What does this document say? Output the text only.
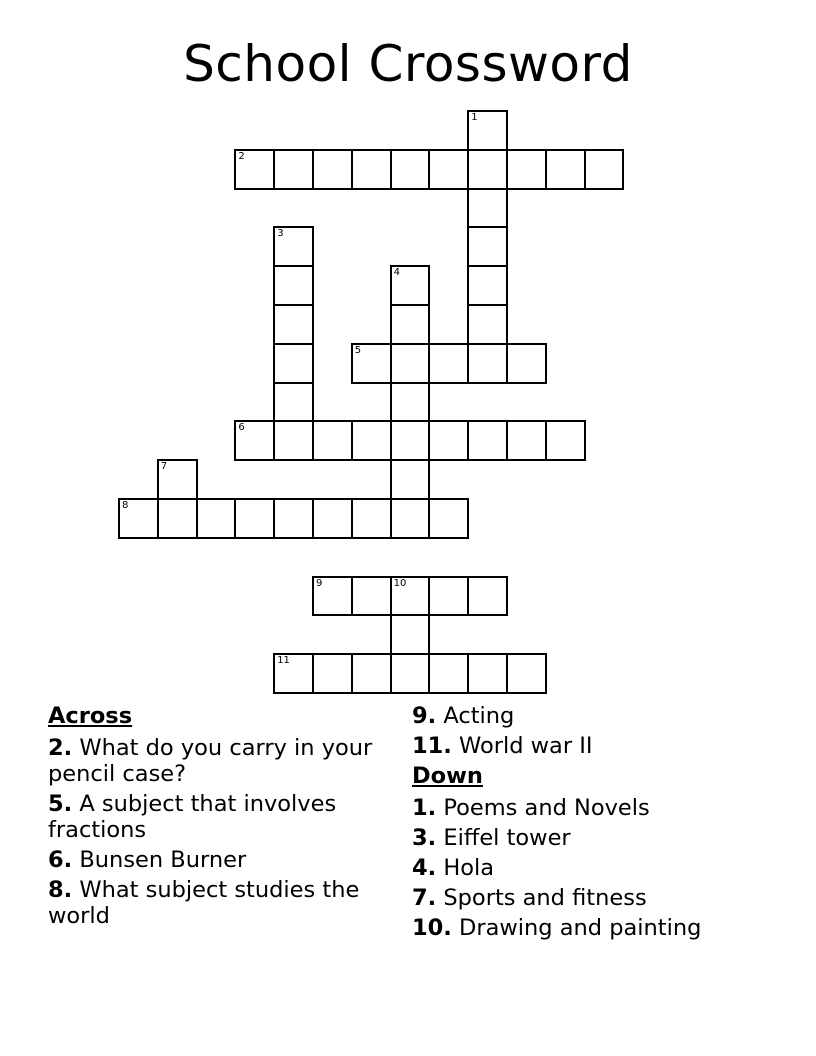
School Crossword
1
2
3
4
5
6
7
8
9	10
11
Across
2. What do you carry in your pencil case?
5. A subject that involves fractions
6. Bunsen Burner
8. What subject studies the world
9. Acting
11. World war II
Down
1. Poems and Novels
3. Eiffel tower
4. Hola
7. Sports and fitness
10. Drawing and painting
